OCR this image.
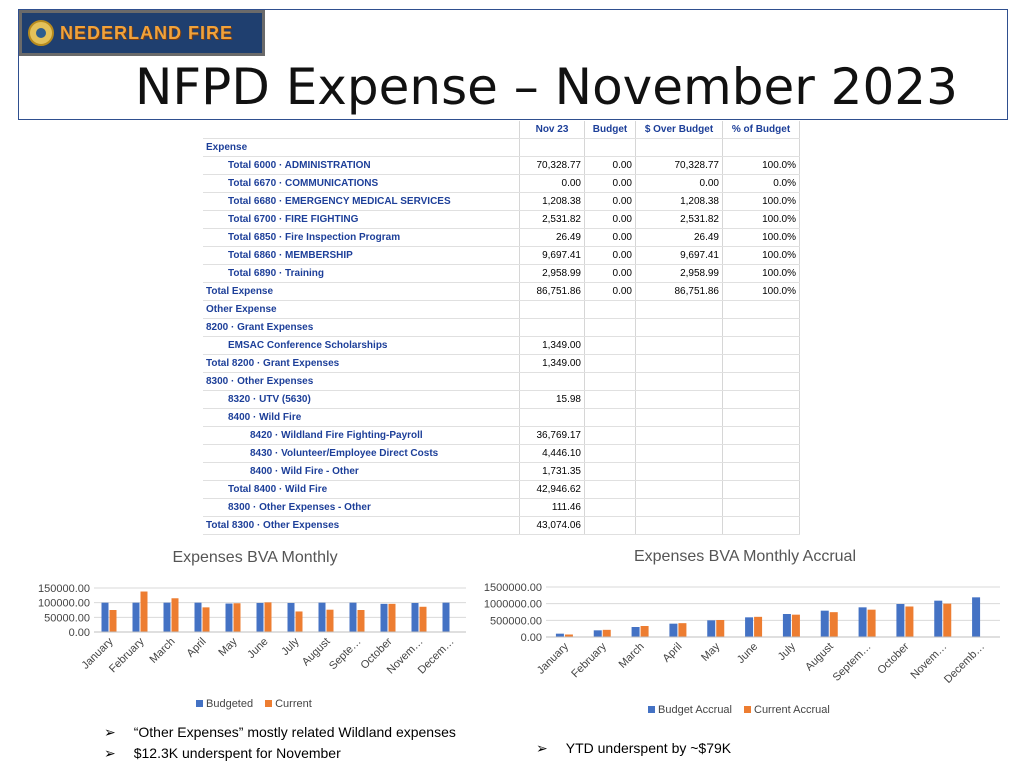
NEDERLAND FIRE
NFPD Expense – November 2023
	Nov 23	Budget	$ Over Budget	% of Budget
Expense				
Total 6000 · ADMINISTRATION	70,328.77	0.00	70,328.77	100.0%
Total 6670 · COMMUNICATIONS	0.00	0.00	0.00	0.0%
Total 6680 · EMERGENCY MEDICAL SERVICES	1,208.38	0.00	1,208.38	100.0%
Total 6700 · FIRE FIGHTING	2,531.82	0.00	2,531.82	100.0%
Total 6850 · Fire Inspection Program	26.49	0.00	26.49	100.0%
Total 6860 · MEMBERSHIP	9,697.41	0.00	9,697.41	100.0%
Total 6890 · Training	2,958.99	0.00	2,958.99	100.0%
Total Expense	86,751.86	0.00	86,751.86	100.0%
Other Expense				
8200 · Grant Expenses				
EMSAC Conference Scholarships	1,349.00			
Total 8200 · Grant Expenses	1,349.00			
8300 · Other Expenses				
8320 · UTV (5630)	15.98			
8400 · Wild Fire				
8420 · Wildland Fire Fighting-Payroll	36,769.17			
8430 · Volunteer/Employee Direct Costs	4,446.10			
8400 · Wild Fire - Other	1,731.35			
Total 8400 · Wild Fire	42,946.62			
8300 · Other Expenses - Other	111.46			
Total 8300 · Other Expenses	43,074.06			
Expenses BVA Monthly
0.00
50000.00
100000.00
150000.00
January
February March April May June July
August
Septe…
October
Novem…
Decem…
Budgeted	Current
Expenses BVA Monthly Accrual
0.00
500000.00
1000000.00
1500000.00
January
February March April May June July August
Septem… October
Novem…
Decemb…
Budget Accrual	Current Accrual
➢ “Other Expenses” mostly related Wildland expenses
➢ $12.3K underspent for November	➢ YTD underspent by ~$79K
